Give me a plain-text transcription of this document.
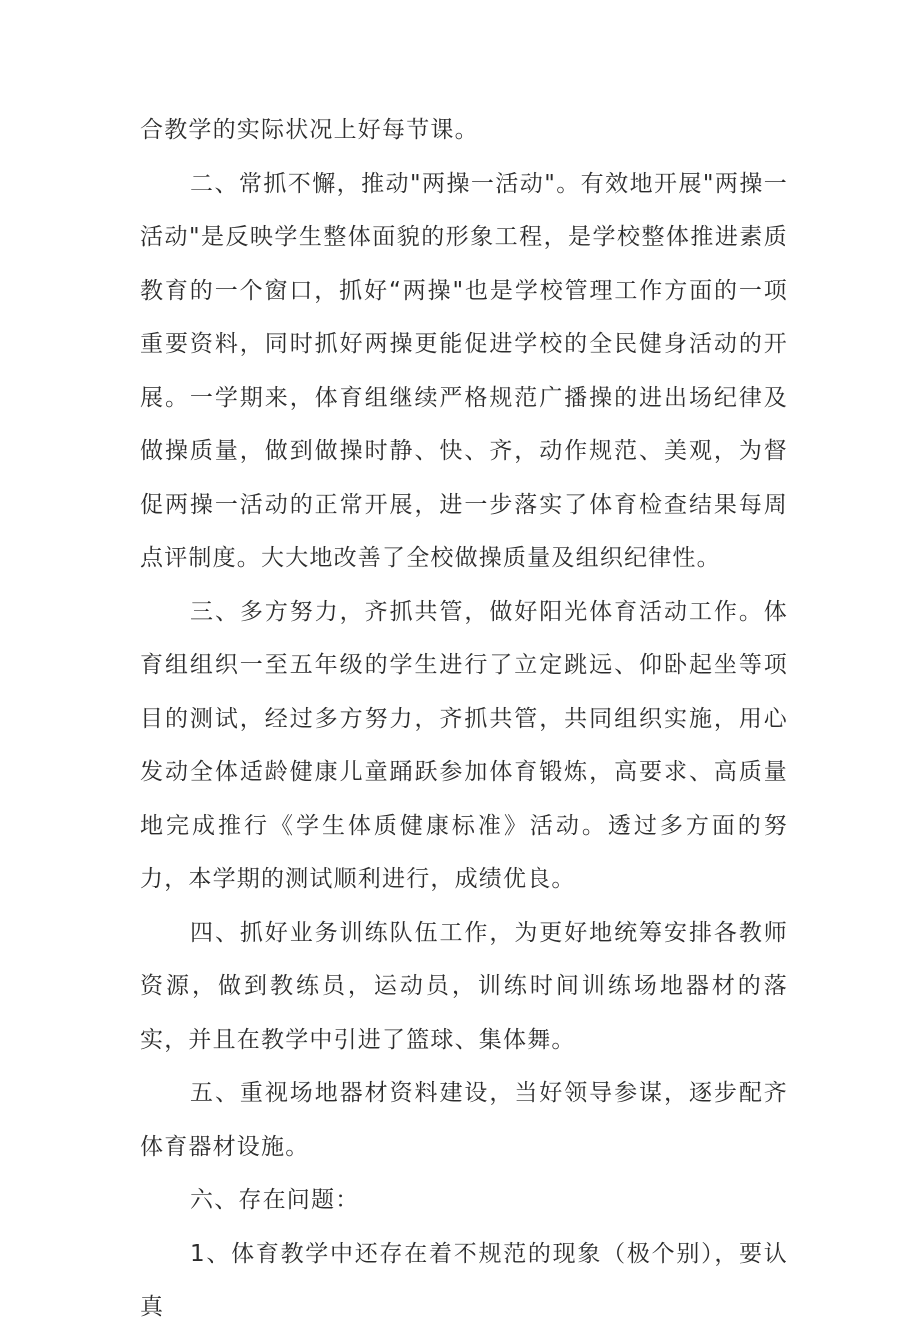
合教学的实际状况上好每节课。

二、常抓不懈，推动"两操一活动"。有效地开展"两操一活动"是反映学生整体面貌的形象工程，是学校整体推进素质教育的一个窗口，抓好“两操"也是学校管理工作方面的一项重要资料，同时抓好两操更能促进学校的全民健身活动的开展。一学期来，体育组继续严格规范广播操的进出场纪律及做操质量，做到做操时静、快、齐，动作规范、美观，为督促两操一活动的正常开展，进一步落实了体育检查结果每周点评制度。大大地改善了全校做操质量及组织纪律性。

三、多方努力，齐抓共管，做好阳光体育活动工作。体育组组织一至五年级的学生进行了立定跳远、仰卧起坐等项目的测试，经过多方努力，齐抓共管，共同组织实施，用心发动全体适龄健康儿童踊跃参加体育锻炼，高要求、高质量地完成推行《学生体质健康标准》活动。透过多方面的努力，本学期的测试顺利进行，成绩优良。

四、抓好业务训练队伍工作，为更好地统筹安排各教师资源，做到教练员，运动员，训练时间训练场地器材的落实，并且在教学中引进了篮球、集体舞。

五、重视场地器材资料建设，当好领导参谋，逐步配齐体育器材设施。

六、存在问题：

1、体育教学中还存在着不规范的现象（极个别），要认真
